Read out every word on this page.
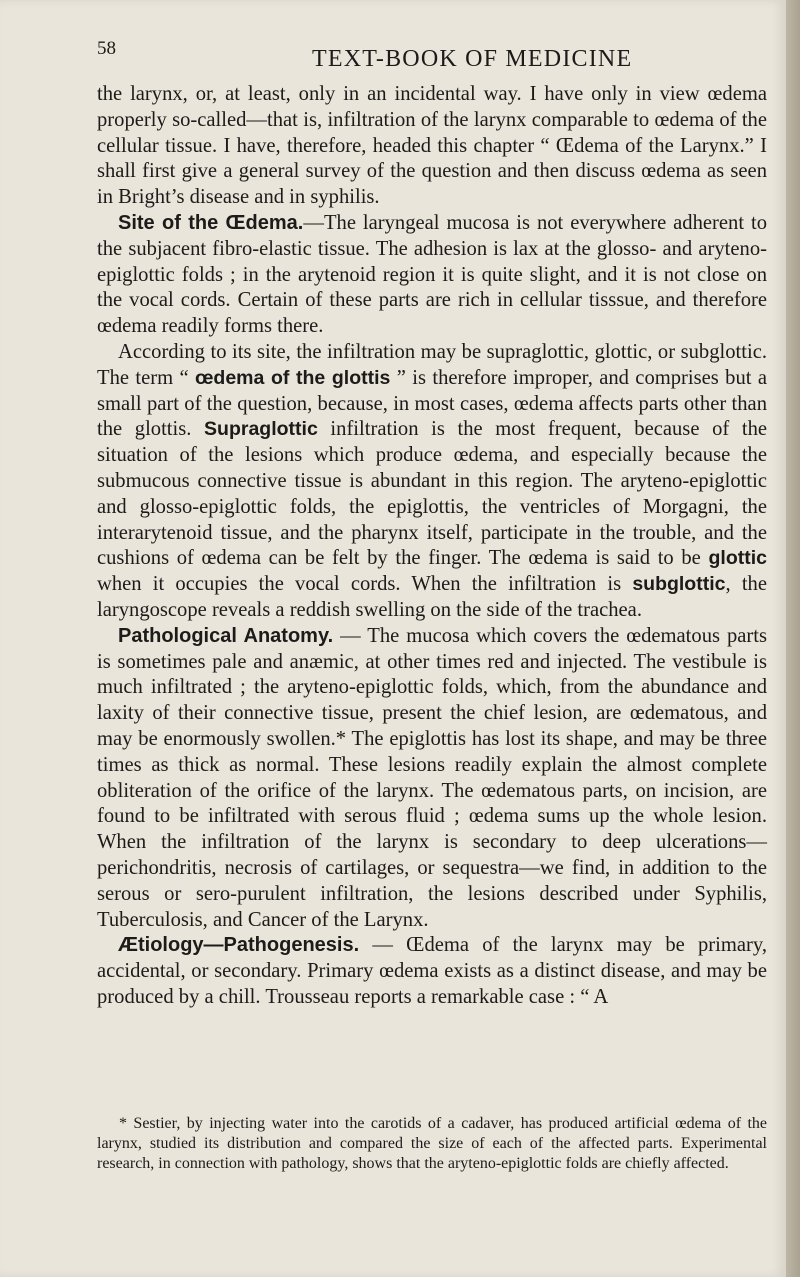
58	TEXT-BOOK OF MEDICINE

the larynx, or, at least, only in an incidental way. I have only in view œdema properly so-called—that is, infiltration of the larynx comparable to œdema of the cellular tissue. I have, therefore, headed this chapter “ Œdema of the Larynx.” I shall first give a general survey of the question and then discuss œdema as seen in Bright’s disease and in syphilis.

Site of the Œdema.—The laryngeal mucosa is not everywhere adherent to the subjacent fibro-elastic tissue. The adhesion is lax at the glosso- and aryteno-epiglottic folds ; in the arytenoid region it is quite slight, and it is not close on the vocal cords. Certain of these parts are rich in cellular tisssue, and therefore œdema readily forms there.

According to its site, the infiltration may be supraglottic, glottic, or subglottic. The term “ œdema of the glottis ” is therefore improper, and comprises but a small part of the question, because, in most cases, œdema affects parts other than the glottis. Supraglottic infiltration is the most frequent, because of the situation of the lesions which produce œdema, and especially because the submucous connective tissue is abundant in this region. The aryteno-epiglottic and glosso-epiglottic folds, the epiglottis, the ventricles of Morgagni, the interarytenoid tissue, and the pharynx itself, participate in the trouble, and the cushions of œdema can be felt by the finger. The œdema is said to be glottic when it occupies the vocal cords. When the infiltration is subglottic, the laryngoscope reveals a reddish swelling on the side of the trachea.

Pathological Anatomy. — The mucosa which covers the œdematous parts is sometimes pale and anæmic, at other times red and injected. The vestibule is much infiltrated ; the aryteno-epiglottic folds, which, from the abundance and laxity of their connective tissue, present the chief lesion, are œdematous, and may be enormously swollen.* The epiglottis has lost its shape, and may be three times as thick as normal. These lesions readily explain the almost complete obliteration of the orifice of the larynx. The œdematous parts, on incision, are found to be infiltrated with serous fluid ; œdema sums up the whole lesion. When the infiltration of the larynx is secondary to deep ulcerations—perichondritis, necrosis of cartilages, or sequestra—we find, in addition to the serous or sero-purulent infiltration, the lesions described under Syphilis, Tuberculosis, and Cancer of the Larynx.

Ætiology—Pathogenesis. — Œdema of the larynx may be primary, accidental, or secondary. Primary œdema exists as a distinct disease, and may be produced by a chill. Trousseau reports a remarkable case : “ A

* Sestier, by injecting water into the carotids of a cadaver, has produced artificial œdema of the larynx, studied its distribution and compared the size of each of the affected parts. Experimental research, in connection with pathology, shows that the aryteno-epiglottic folds are chiefly affected.
